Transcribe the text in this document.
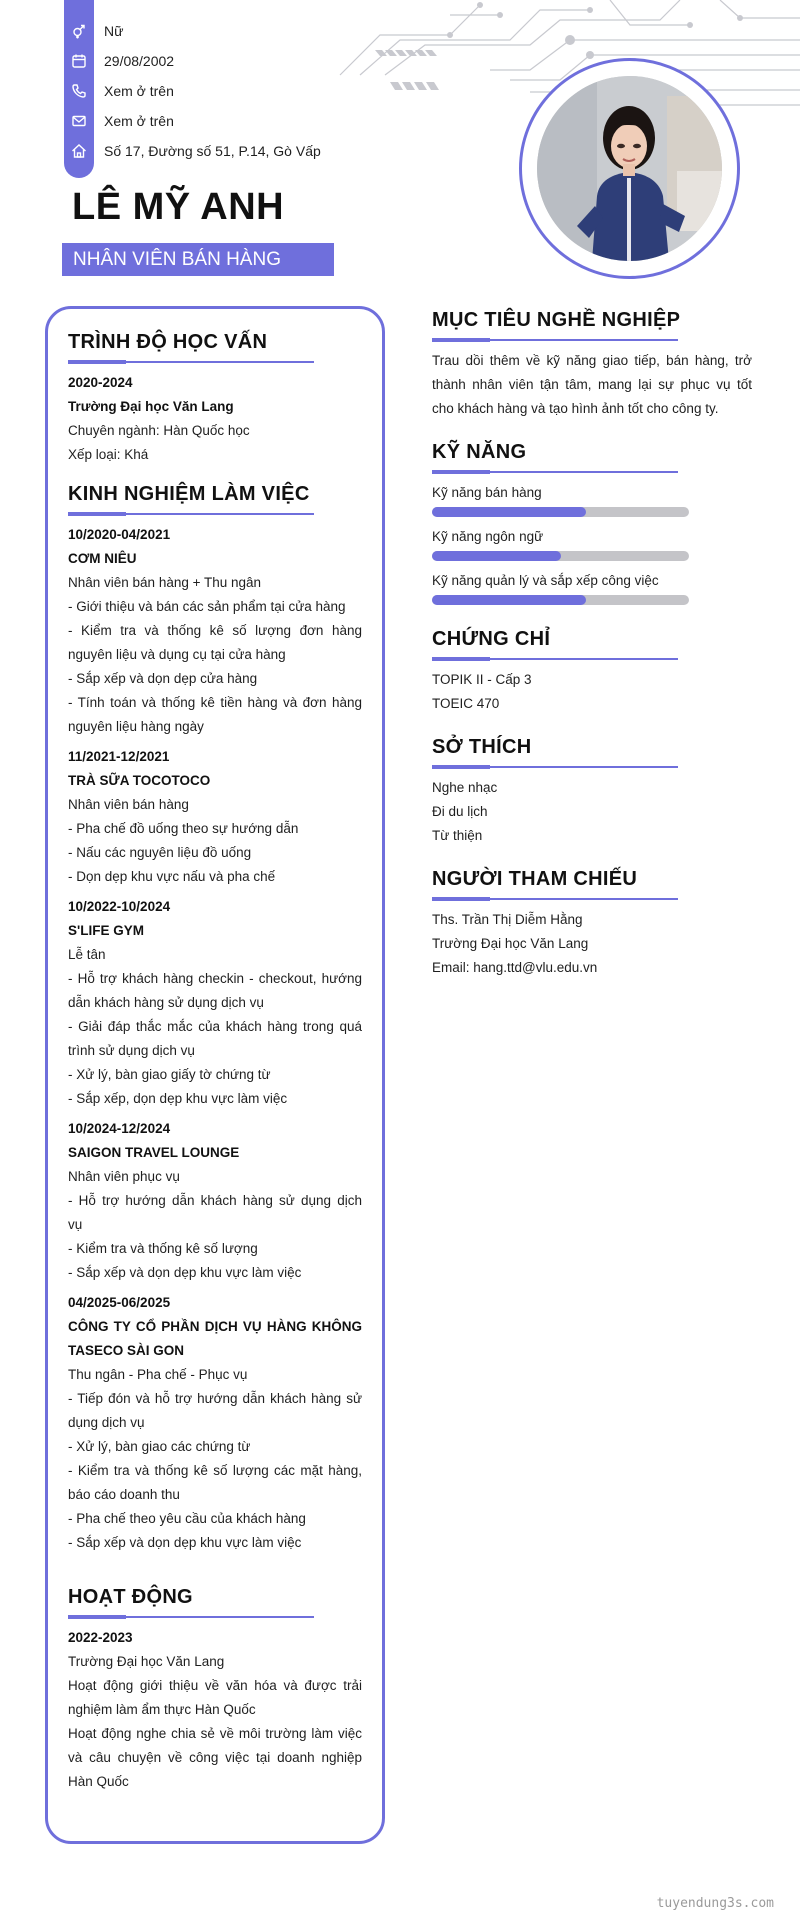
Nữ
29/08/2002
Xem ở trên
Xem ở trên
Số 17, Đường số 51, P.14, Gò Vấp
LÊ MỸ ANH
NHÂN VIÊN BÁN HÀNG
TRÌNH ĐỘ HỌC VẤN
2020-2024
Trường Đại học Văn Lang
Chuyên ngành: Hàn Quốc học
Xếp loại: Khá
KINH NGHIỆM LÀM VIỆC
10/2020-04/2021
CƠM NIÊU
Nhân viên bán hàng + Thu ngân
- Giới thiệu và bán các sản phẩm tại cửa hàng
- Kiểm tra và thống kê số lượng đơn hàng
nguyên liệu và dụng cụ tại cửa hàng
- Sắp xếp và dọn dẹp cửa hàng
- Tính toán và thống kê tiền hàng và đơn hàng
nguyên liệu hàng ngày
11/2021-12/2021
TRÀ SỮA TOCOTOCO
Nhân viên bán hàng
- Pha chế đồ uống theo sự hướng dẫn
- Nấu các nguyên liệu đồ uống
- Dọn dẹp khu vực nấu và pha chế
10/2022-10/2024
S'LIFE GYM
Lễ tân
- Hỗ trợ khách hàng checkin - checkout, hướng
dẫn khách hàng sử dụng dịch vụ
- Giải đáp thắc mắc của khách hàng trong quá
trình sử dụng dịch vụ
- Xử lý, bàn giao giấy tờ chứng từ
- Sắp xếp, dọn dẹp khu vực làm việc
10/2024-12/2024
SAIGON TRAVEL LOUNGE
Nhân viên phục vụ
- Hỗ trợ hướng dẫn khách hàng sử dụng dịch
vụ
- Kiểm tra và thống kê số lượng
- Sắp xếp và dọn dẹp khu vực làm việc
04/2025-06/2025
CÔNG TY CỔ PHẦN DỊCH VỤ HÀNG KHÔNG
TASECO SÀI GON
Thu ngân - Pha chế - Phục vụ
- Tiếp đón và hỗ trợ hướng dẫn khách hàng sử
dụng dịch vụ
- Xử lý, bàn giao các chứng từ
- Kiểm tra và thống kê số lượng các mặt hàng,
báo cáo doanh thu
- Pha chế theo yêu cầu của khách hàng
- Sắp xếp và dọn dẹp khu vực làm việc
HOẠT ĐỘNG
2022-2023
Trường Đại học Văn Lang
Hoạt động giới thiệu về văn hóa và được trải
nghiệm làm ẩm thực Hàn Quốc
Hoạt động nghe chia sẻ về môi trường làm việc
và câu chuyện về công việc tại doanh nghiệp
Hàn Quốc
MỤC TIÊU NGHỀ NGHIỆP
Trau dồi thêm về kỹ năng giao tiếp, bán hàng, trở
thành nhân viên tận tâm, mang lại sự phục vụ tốt
cho khách hàng và tạo hình ảnh tốt cho công ty.
KỸ NĂNG
Kỹ năng bán hàng
Kỹ năng ngôn ngữ
Kỹ năng quản lý và sắp xếp công việc
CHỨNG CHỈ
TOPIK II - Cấp 3
TOEIC 470
SỞ THÍCH
Nghe nhạc
Đi du lịch
Từ thiện
NGƯỜI THAM CHIẾU
Ths. Trần Thị Diễm Hằng
Trường Đại học Văn Lang
Email: hang.ttd@vlu.edu.vn
tuyendung3s.com
